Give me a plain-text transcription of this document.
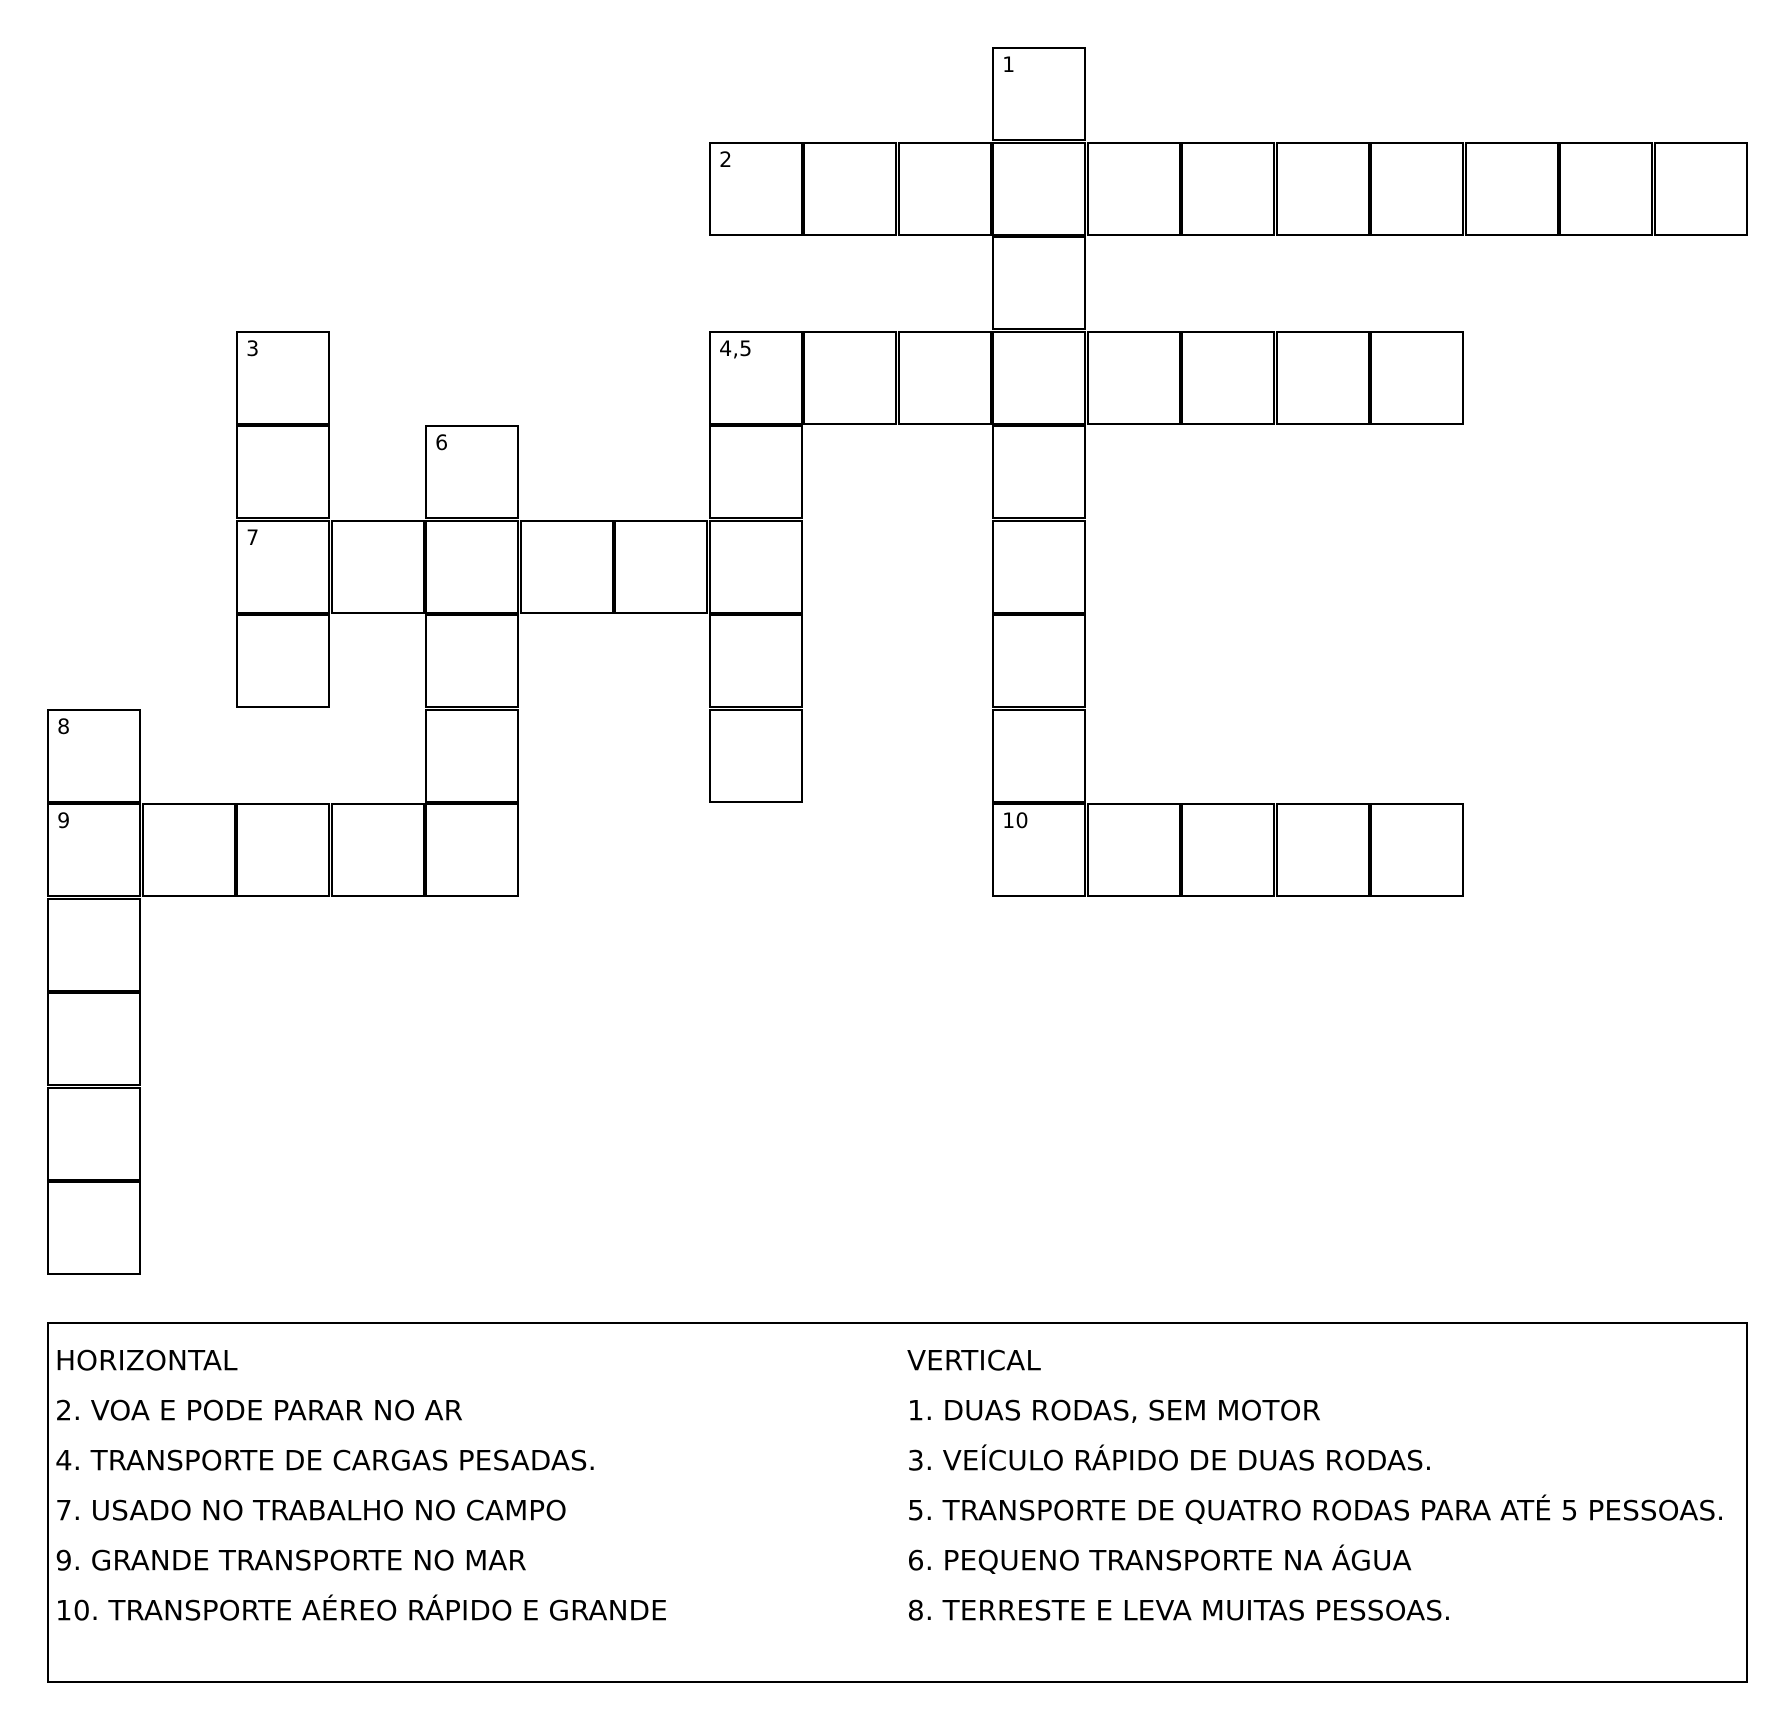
1
2
3
7
4,5
6
8
9	10
HORIZONTAL
2. VOA E PODE PARAR NO AR
4. TRANSPORTE DE CARGAS PESADAS.
7. USADO NO TRABALHO NO CAMPO
9. GRANDE TRANSPORTE NO MAR
10. TRANSPORTE AÉREO RÁPIDO E GRANDE
VERTICAL
1. DUAS RODAS, SEM MOTOR
3. VEÍCULO RÁPIDO DE DUAS RODAS.
5. TRANSPORTE DE QUATRO RODAS PARA ATÉ 5 PESSOAS.
6. PEQUENO TRANSPORTE NA ÁGUA
8. TERRESTE E LEVA MUITAS PESSOAS.
